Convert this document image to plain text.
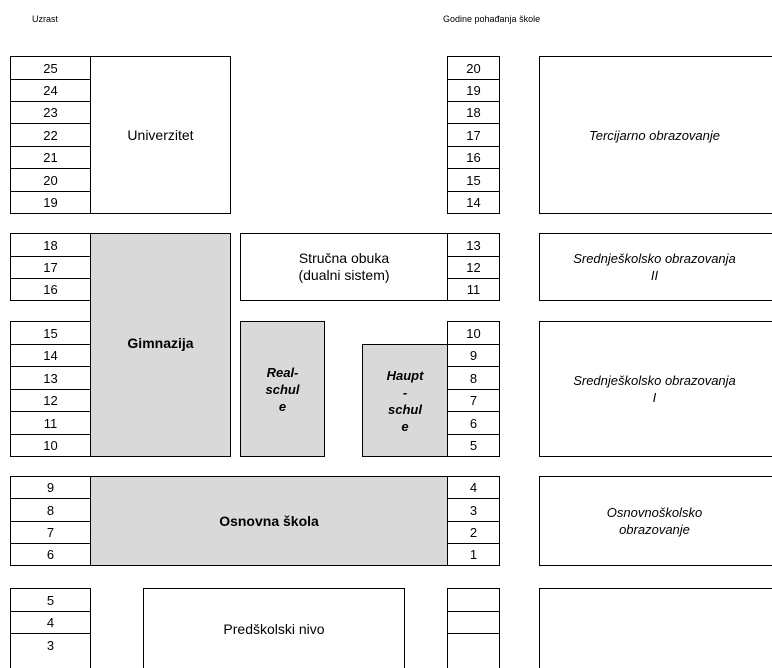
Uzrast	Godine pohađanja škole
25
24
23
22
21
20
19
18
17
16
15
14
13
12
11
10
9
8
7
6
5
4
3
Univerzitet
Gimnazija
Stručna obuka
(dualni sistem)
Real-
schul
e
Haupt
-
schul
e
Osnovna škola
Predškolski nivo
20
19
18
17
16
15
14
13
12
11
10
9
8
7
6
5
4
3
2
1
Tercijarno obrazovanje
Srednješkolsko obrazovanja
II
Srednješkolsko obrazovanja
I
Osnovnoškolsko
obrazovanje
